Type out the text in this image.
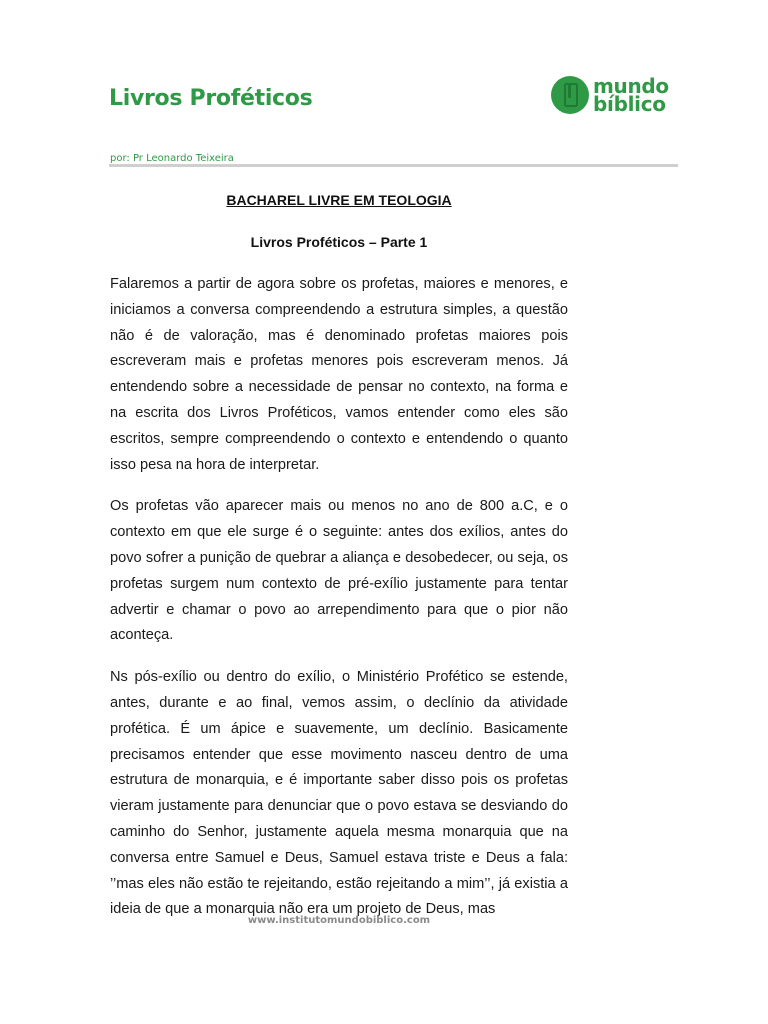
Livros Proféticos	mundo
bíblico
por: Pr Leonardo Teixeira
BACHAREL LIVRE EM TEOLOGIA
Livros Proféticos – Parte 1

Falaremos a partir de agora sobre os profetas, maiores e menores, e iniciamos a conversa compreendendo a estrutura simples, a questão não é de valoração, mas é denominado profetas maiores pois escreveram mais e profetas menores pois escreveram menos. Já entendendo sobre a necessidade de pensar no contexto, na forma e na escrita dos Livros Proféticos, vamos entender como eles são escritos, sempre compreendendo o contexto e entendendo o quanto isso pesa na hora de interpretar.

Os profetas vão aparecer mais ou menos no ano de 800 a.C, e o contexto em que ele surge é o seguinte: antes dos exílios, antes do povo sofrer a punição de quebrar a aliança e desobedecer, ou seja, os profetas surgem num contexto de pré-exílio justamente para tentar advertir e chamar o povo ao arrependimento para que o pior não aconteça.

Ns pós-exílio ou dentro do exílio, o Ministério Profético se estende, antes, durante e ao final, vemos assim, o declínio da atividade profética. É um ápice e suavemente, um declínio. Basicamente precisamos entender que esse movimento nasceu dentro de uma estrutura de monarquia, e é importante saber disso pois os profetas vieram justamente para denunciar que o povo estava se desviando do caminho do Senhor, justamente aquela mesma monarquia que na conversa entre Samuel e Deus, Samuel estava triste e Deus a fala: ’’mas eles não estão te rejeitando, estão rejeitando a mim’’, já existia a ideia de que a monarquia não era um projeto de Deus, mas

www.institutomundobiblico.com
